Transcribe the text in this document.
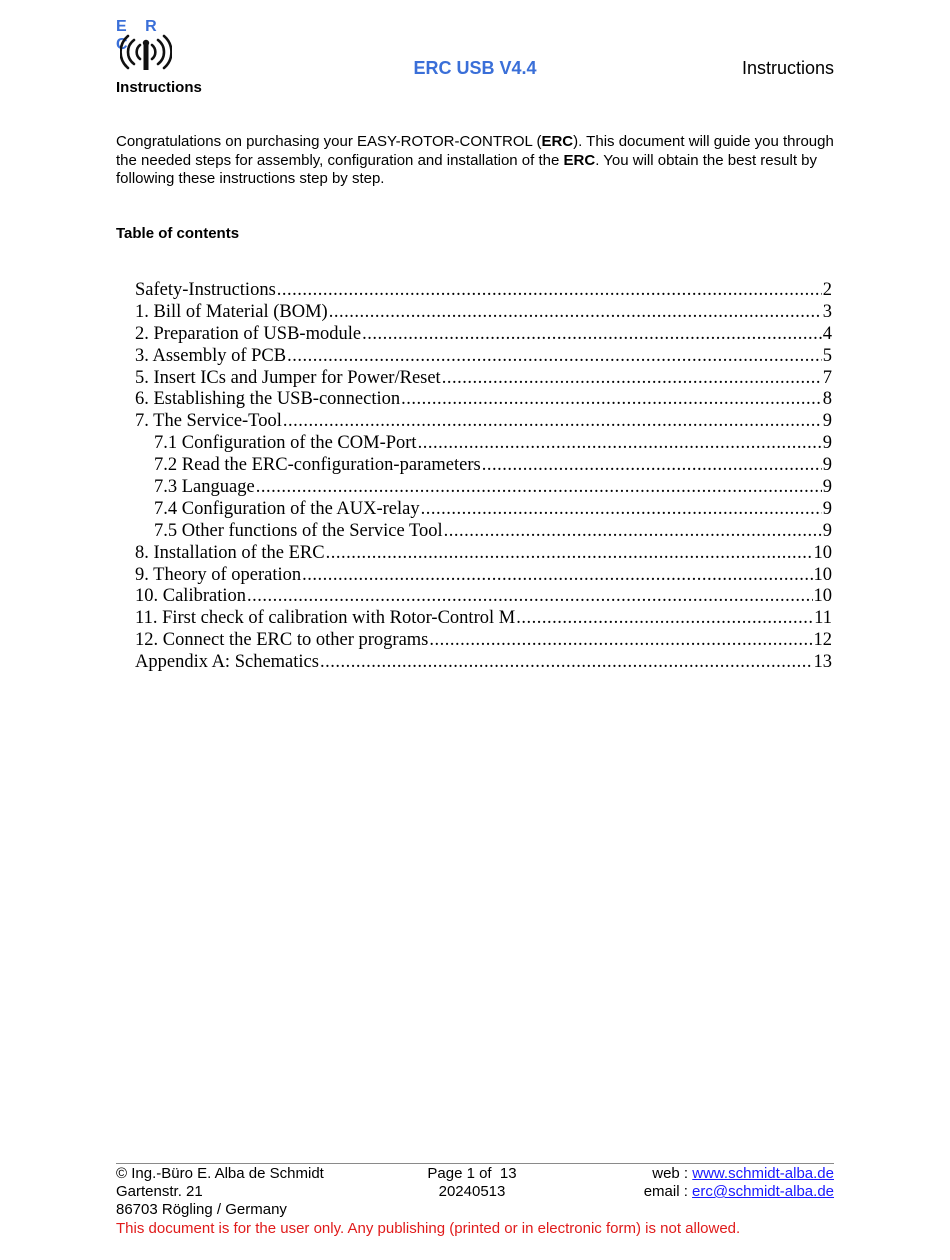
E R C
Instructions
ERC USB V4.4	Instructions
Congratulations on purchasing your EASY-ROTOR-CONTROL (ERC). This document will guide you through the needed steps for assembly, configuration and installation of the ERC. You will obtain the best result by following these instructions step by step.
Table of contents
Safety-Instructions .....	2
1. Bill of Material (BOM) .....	3
2. Preparation of USB-module .....	4
3. Assembly of PCB .....	5
5. Insert ICs and Jumper for Power/Reset .....	7
6. Establishing the USB-connection .....	8
7. The Service-Tool .....	9
7.1 Configuration of the COM-Port .....	9
7.2 Read the ERC-configuration-parameters .....	9
7.3 Language .....	9
7.4 Configuration of the AUX-relay .....	9
7.5 Other functions of the Service Tool .....	9
8. Installation of the ERC .....	10
9. Theory of operation .....	10
10. Calibration .....	10
11. First check of calibration with Rotor-Control M .....	11
12. Connect the ERC to other programs .....	12
Appendix A: Schematics .....	13
© Ing.-Büro E. Alba de Schmidt
Gartenstr. 21
86703 Rögling / Germany
Page 1 of  13
20240513
web : www.schmidt-alba.de
email : erc@schmidt-alba.de
This document is for the user only. Any publishing (printed or in electronic form) is not allowed.
